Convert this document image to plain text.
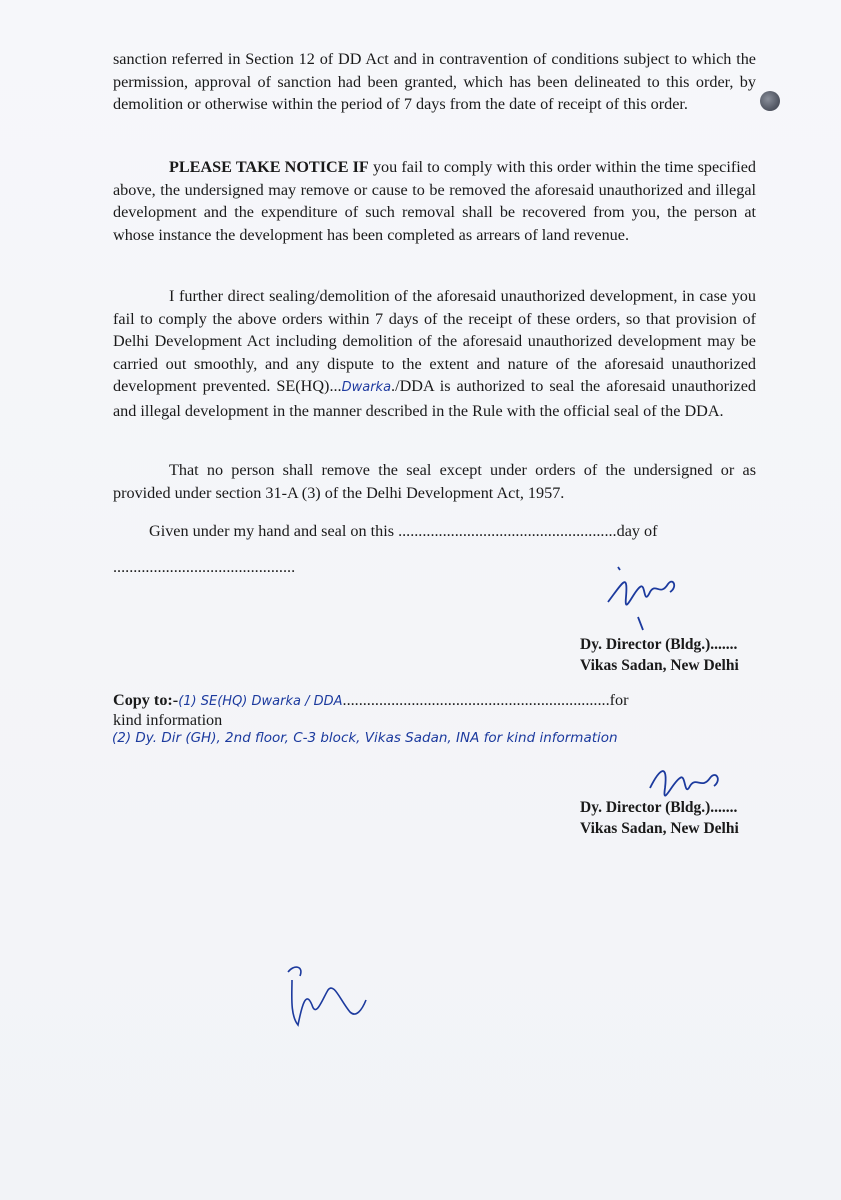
sanction referred in Section 12 of DD Act and in contravention of conditions subject to which the permission, approval of sanction had been granted, which has been delineated to this order, by demolition or otherwise within the period of 7 days from the date of receipt of this order.
PLEASE TAKE NOTICE IF you fail to comply with this order within the time specified above, the undersigned may remove or cause to be removed the aforesaid unauthorized and illegal development and the expenditure of such removal shall be recovered from you, the person at whose instance the development has been completed as arrears of land revenue.
I further direct sealing/demolition of the aforesaid unauthorized development, in case you fail to comply the above orders within 7 days of the receipt of these orders, so that provision of Delhi Development Act including demolition of the aforesaid unauthorized development may be carried out smoothly, and any dispute to the extent and nature of the aforesaid unauthorized development prevented. SE(HQ)...Dwarka./DDA is authorized to seal the aforesaid unauthorized and illegal development in the manner described in the Rule with the official seal of the DDA.
That no person shall remove the seal except under orders of the undersigned or as provided under section 31-A (3) of the Delhi Development Act, 1957.
Given under my hand and seal on this ......................................................day of
.............................................
Dy. Director (Bldg.).......
Vikas Sadan, New Delhi
Copy to:-(1) SE(HQ) Dwarka / DDA..................................................................for
kind information
(2) Dy. Dir (GH), 2nd floor, C-3 block, Vikas Sadan, INA for kind information
Dy. Director (Bldg.).......
Vikas Sadan, New Delhi
